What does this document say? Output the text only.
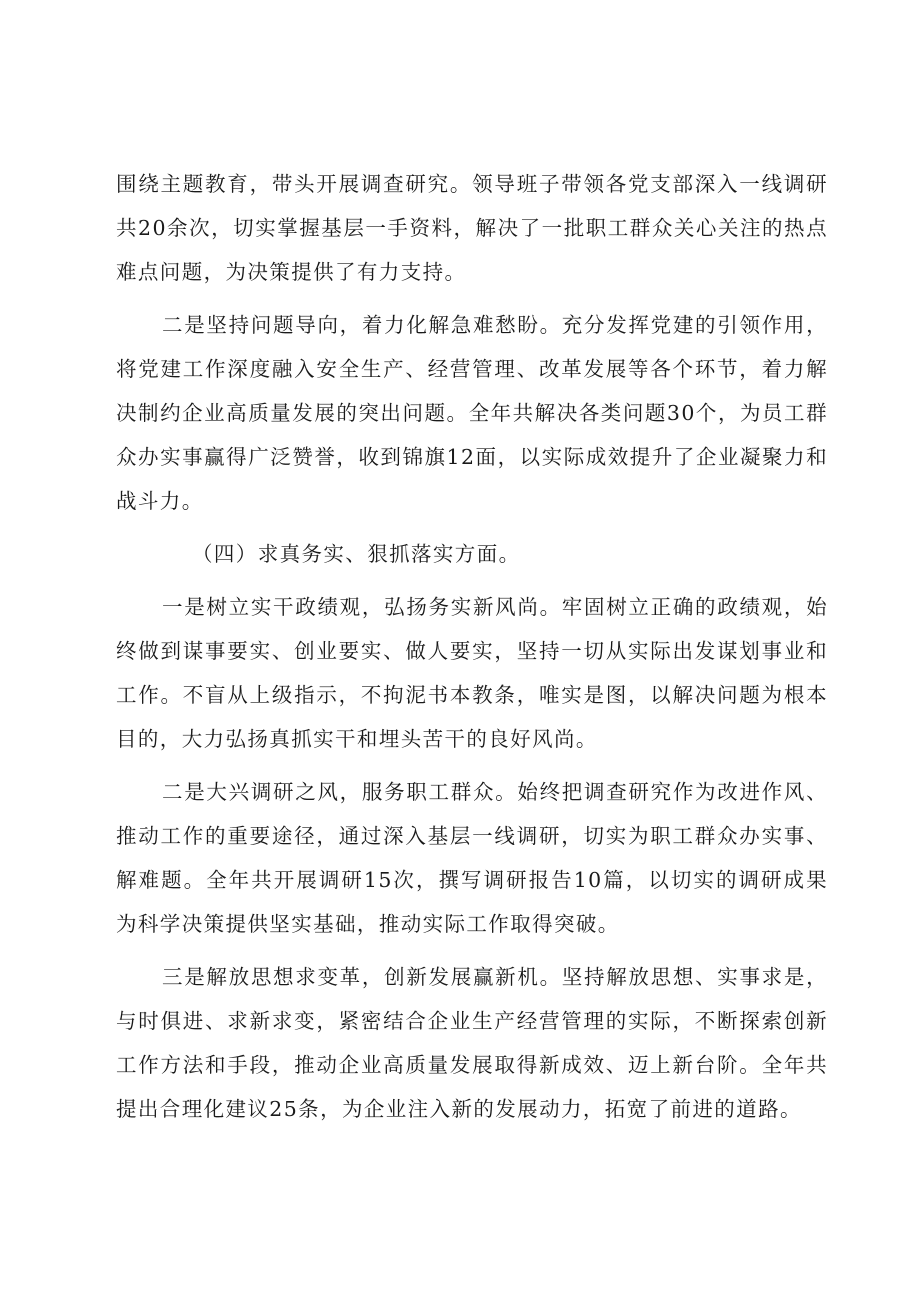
围绕主题教育，带头开展调查研究。领导班子带领各党支部深入一线调研共20余次，切实掌握基层一手资料，解决了一批职工群众关心关注的热点难点问题，为决策提供了有力支持。

二是坚持问题导向，着力化解急难愁盼。充分发挥党建的引领作用，将党建工作深度融入安全生产、经营管理、改革发展等各个环节，着力解决制约企业高质量发展的突出问题。全年共解决各类问题30个，为员工群众办实事赢得广泛赞誉，收到锦旗12面，以实际成效提升了企业凝聚力和战斗力。

（四）求真务实、狠抓落实方面。

一是树立实干政绩观，弘扬务实新风尚。牢固树立正确的政绩观，始终做到谋事要实、创业要实、做人要实，坚持一切从实际出发谋划事业和工作。不盲从上级指示，不拘泥书本教条，唯实是图，以解决问题为根本目的，大力弘扬真抓实干和埋头苦干的良好风尚。

二是大兴调研之风，服务职工群众。始终把调查研究作为改进作风、推动工作的重要途径，通过深入基层一线调研，切实为职工群众办实事、解难题。全年共开展调研15次，撰写调研报告10篇，以切实的调研成果为科学决策提供坚实基础，推动实际工作取得突破。

三是解放思想求变革，创新发展赢新机。坚持解放思想、实事求是，与时俱进、求新求变，紧密结合企业生产经营管理的实际，不断探索创新工作方法和手段，推动企业高质量发展取得新成效、迈上新台阶。全年共提出合理化建议25条，为企业注入新的发展动力，拓宽了前进的道路。
